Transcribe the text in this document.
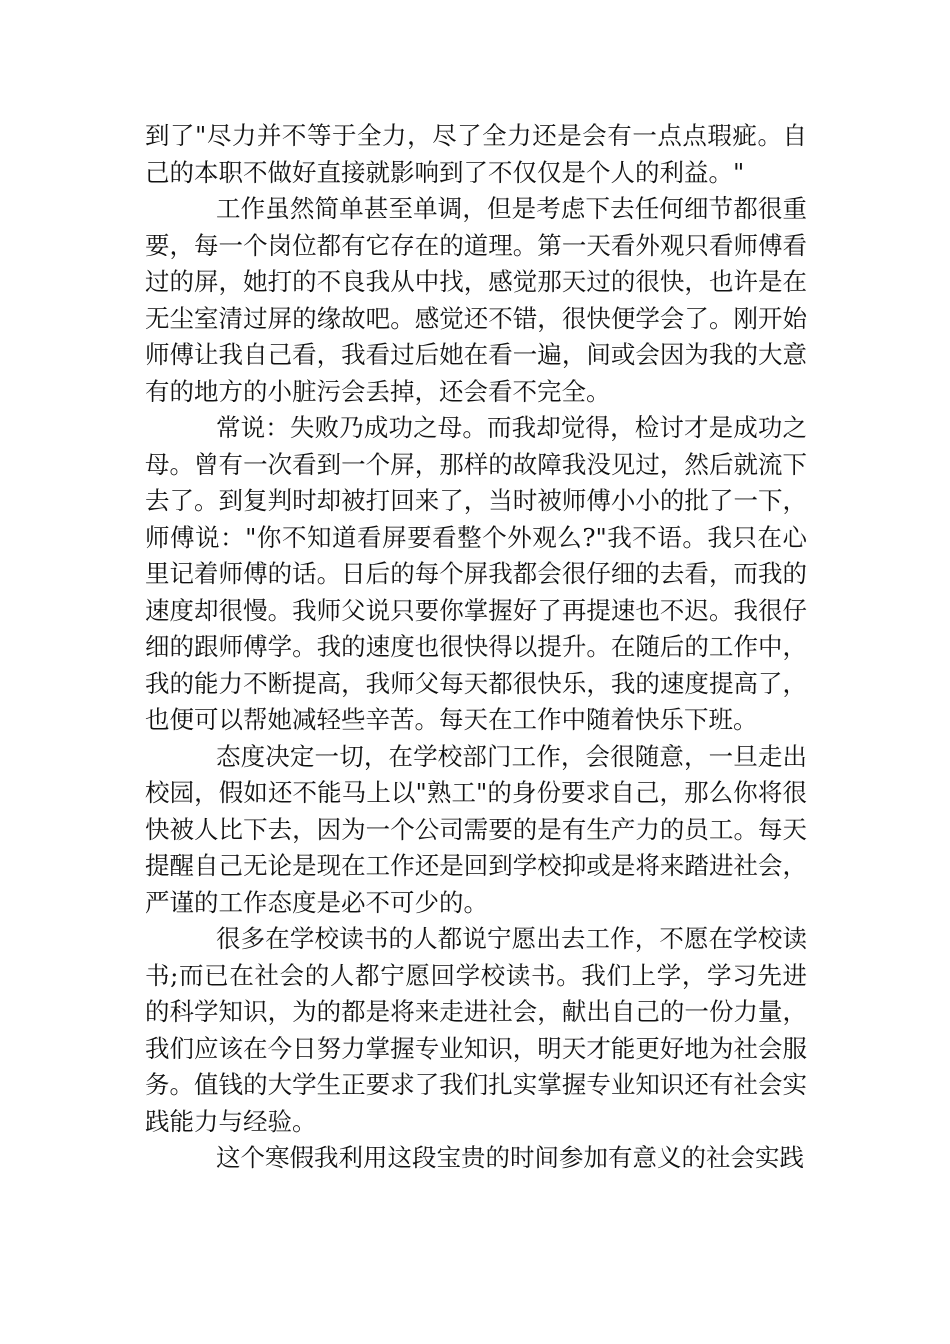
到了"尽力并不等于全力，尽了全力还是会有一点点瑕疵。自己的本职不做好直接就影响到了不仅仅是个人的利益。"

工作虽然简单甚至单调，但是考虑下去任何细节都很重要，每一个岗位都有它存在的道理。第一天看外观只看师傅看过的屏，她打的不良我从中找，感觉那天过的很快，也许是在无尘室清过屏的缘故吧。感觉还不错，很快便学会了。刚开始师傅让我自己看，我看过后她在看一遍，间或会因为我的大意有的地方的小脏污会丢掉，还会看不完全。

常说：失败乃成功之母。而我却觉得，检讨才是成功之母。曾有一次看到一个屏，那样的故障我没见过，然后就流下去了。到复判时却被打回来了，当时被师傅小小的批了一下，师傅说："你不知道看屏要看整个外观么?"我不语。我只在心里记着师傅的话。日后的每个屏我都会很仔细的去看，而我的速度却很慢。我师父说只要你掌握好了再提速也不迟。我很仔细的跟师傅学。我的速度也很快得以提升。在随后的工作中，我的能力不断提高，我师父每天都很快乐，我的速度提高了，也便可以帮她减轻些辛苦。每天在工作中随着快乐下班。

态度决定一切，在学校部门工作，会很随意，一旦走出校园，假如还不能马上以"熟工"的身份要求自己，那么你将很快被人比下去，因为一个公司需要的是有生产力的员工。每天提醒自己无论是现在工作还是回到学校抑或是将来踏进社会，严谨的工作态度是必不可少的。

很多在学校读书的人都说宁愿出去工作，不愿在学校读书;而已在社会的人都宁愿回学校读书。我们上学，学习先进的科学知识，为的都是将来走进社会，献出自己的一份力量，我们应该在今日努力掌握专业知识，明天才能更好地为社会服务。值钱的大学生正要求了我们扎实掌握专业知识还有社会实践能力与经验。

这个寒假我利用这段宝贵的时间参加有意义的社会实践
